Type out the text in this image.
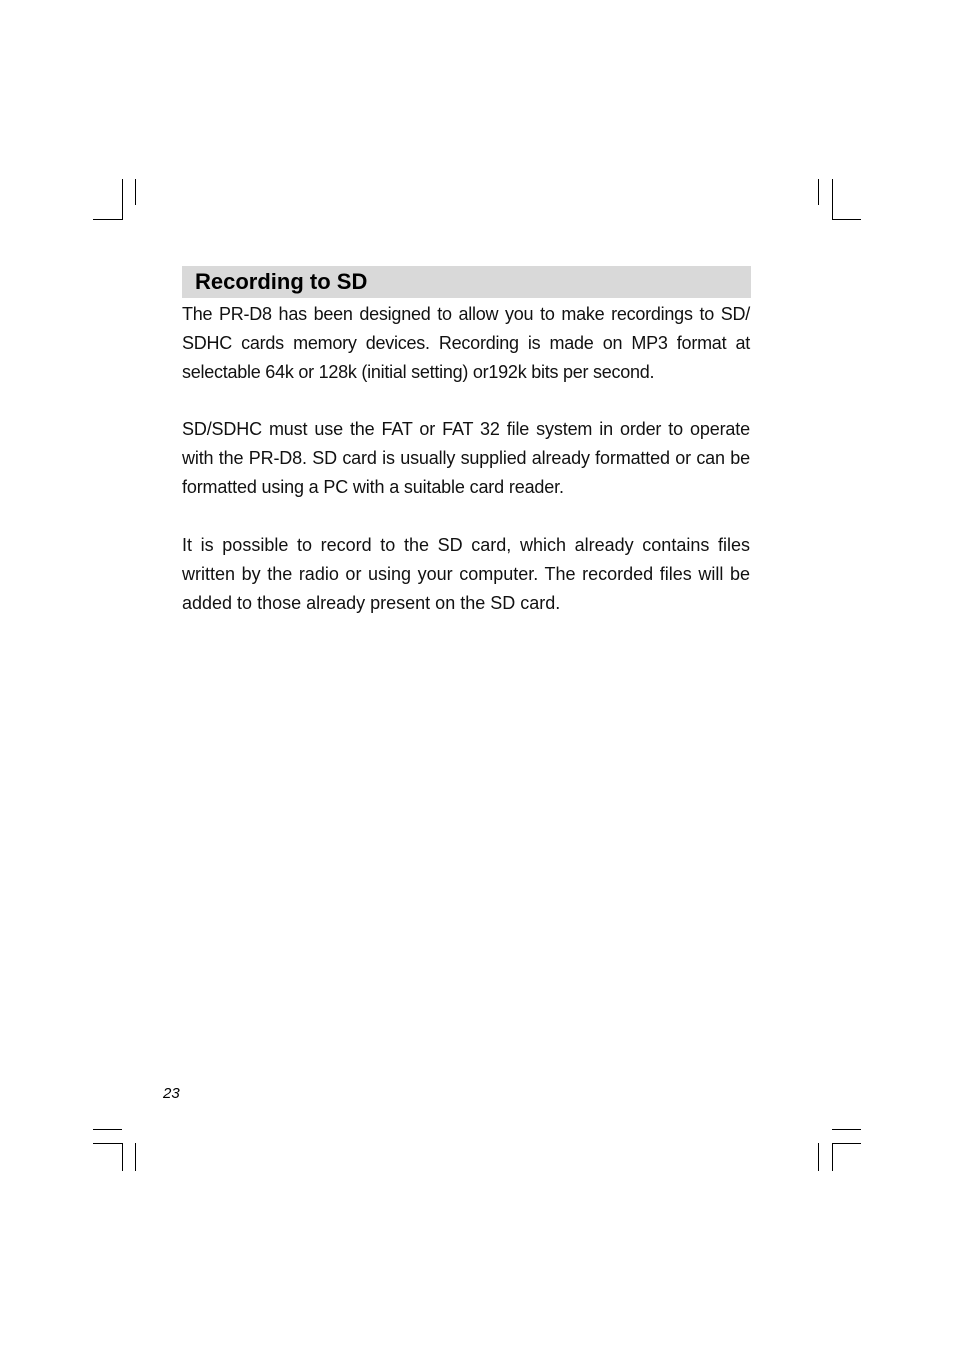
Recording to SD

The PR-D8 has been designed to allow you to make recordings to SD/ SDHC cards memory devices. Recording is made on MP3 format at selectable 64k or 128k (initial setting) or192k bits per second.

SD/SDHC must use the FAT or FAT 32 file system in order to operate with the PR-D8. SD card is usually supplied already formatted or can be formatted using a PC with a suitable card reader.

It is possible to record to the SD card, which already contains files written by the radio or using your computer. The recorded files will be added to those already present on the SD card.

23
